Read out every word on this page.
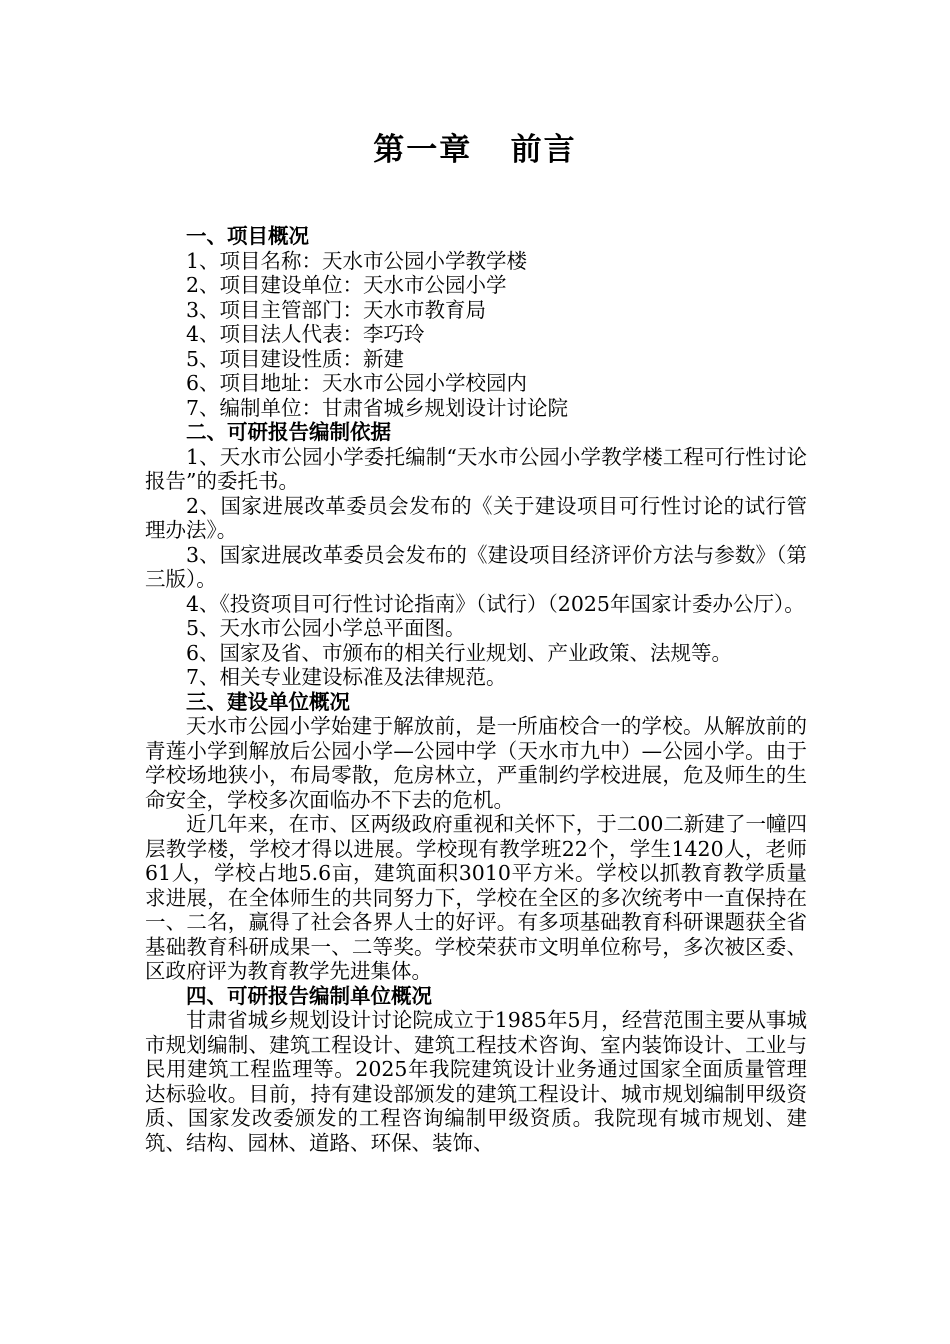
第一章   前言

一、项目概况

1、项目名称：天水市公园小学教学楼

2、项目建设单位：天水市公园小学

3、项目主管部门：天水市教育局

4、项目法人代表：李巧玲

5、项目建设性质：新建

6、项目地址：天水市公园小学校园内

7、编制单位：甘肃省城乡规划设计讨论院

二、可研报告编制依据

1、天水市公园小学委托编制“天水市公园小学教学楼工程可行性讨论报告”的委托书。

2、国家进展改革委员会发布的《关于建设项目可行性讨论的试行管理办法》。

3、国家进展改革委员会发布的《建设项目经济评价方法与参数》（第三版）。

4、《投资项目可行性讨论指南》（试行）（2025年国家计委办公厅）。

5、天水市公园小学总平面图。

6、国家及省、市颁布的相关行业规划、产业政策、法规等。

7、相关专业建设标准及法律规范。

三、建设单位概况

天水市公园小学始建于解放前，是一所庙校合一的学校。从解放前的青莲小学到解放后公园小学—公园中学（天水市九中）—公园小学。由于学校场地狭小，布局零散，危房林立，严重制约学校进展，危及师生的生命安全，学校多次面临办不下去的危机。

近几年来，在市、区两级政府重视和关怀下，于二00二新建了一幢四层教学楼，学校才得以进展。学校现有教学班22个，学生1420人，老师61人，学校占地5.6亩，建筑面积3010平方米。学校以抓教育教学质量求进展，在全体师生的共同努力下，学校在全区的多次统考中一直保持在一、二名，赢得了社会各界人士的好评。有多项基础教育科研课题获全省基础教育科研成果一、二等奖。学校荣获市文明单位称号，多次被区委、区政府评为教育教学先进集体。

四、可研报告编制单位概况

甘肃省城乡规划设计讨论院成立于1985年5月，经营范围主要从事城市规划编制、建筑工程设计、建筑工程技术咨询、室内装饰设计、工业与民用建筑工程监理等。2025年我院建筑设计业务通过国家全面质量管理达标验收。目前，持有建设部颁发的建筑工程设计、城市规划编制甲级资质、国家发改委颁发的工程咨询编制甲级资质。我院现有城市规划、建筑、结构、园林、道路、环保、装饰、
